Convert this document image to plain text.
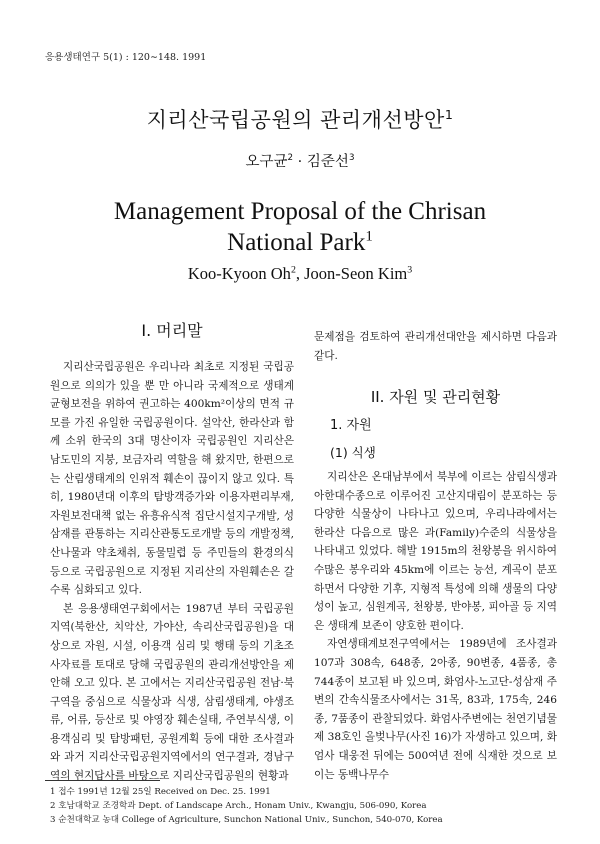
응용생태연구 5(1) : 120∼148. 1991
지리산국립공원의 관리개선방안$^1$
오구균$^2$ · 김준선$^3$
Management Proposal of the Chrisan
National Park$^1$
Koo-Kyoon Oh$^2$, Joon-Seon Kim$^3$
I. 머리말

지리산국립공원은 우리나라 최초로 지정된 국립공원으로 의의가 있을 뿐 만 아니라 국제적으로 생태계 균형보전을 위하여 권고하는 400km²이상의 면적 규모를 가진 유일한 국립공원이다. 설악산, 한라산과 함께 소위 한국의 3대 명산이자 국립공원인 지리산은 남도민의 지붕, 보금자리 역할을 해 왔지만, 한편으로는 산림생태계의 인위적 훼손이 끊이지 않고 있다. 특히, 1980년대 이후의 탐방객증가와 이용자편리부재, 자원보전대책 없는 유흥유식적 집단시설지구개발, 성삼재를 관통하는 지리산관통도로개발 등의 개발정책, 산나물과 약초채취, 동물밀렵 등 주민들의 환경의식 등으로 국립공원으로 지정된 지리산의 자원훼손은 갈수록 심화되고 있다.

본 응용생태연구회에서는 1987년 부터 국립공원지역(북한산, 치악산, 가야산, 속리산국립공원)을 대상으로 자원, 시설, 이용객 심리 및 행태 등의 기초조사자료를 토대로 당해 국립공원의 관리개선방안을 제안해 오고 있다. 본 고에서는 지리산국립공원 전남·북구역을 중심으로 식물상과 식생, 삼림생태계, 야생조류, 어류, 등산로 및 야영장 훼손실태, 주연부식생, 이용객심리 및 탐방패턴, 공원계획 등에 대한 조사결과와 과거 지리산국립공원지역에서의 연구결과, 경남구역의 현지답사를 바탕으로 지리산국립공원의 현황과

문제점을 검토하여 관리개선대안을 제시하면 다음과 같다.

II. 자원 및 관리현황
1. 자원
(1) 식생

지리산은 온대남부에서 북부에 이르는 삼림식생과 아한대수종으로 이루어진 고산지대림이 분포하는 등 다양한 식물상이 나타나고 있으며, 우리나라에서는 한라산 다음으로 많은 과(Family)수준의 식물상을 나타내고 있었다. 해발 1915m의 천왕봉을 위시하여 수많은 봉우리와 45km에 이르는 능선, 계곡이 분포하면서 다양한 기후, 지형적 특성에 의해 생물의 다양성이 높고, 심원계곡, 천왕봉, 반야봉, 피아골 등 지역은 생태계 보존이 양호한 편이다.

자연생태계보전구역에서는 1989년에 조사결과 107과 308속, 648종, 2아종, 90변종, 4품종, 총 744종이 보고된 바 있으며, 화엄사-노고단-성삼재 주변의 간속식물조사에서는 31목, 83과, 175속, 246종, 7품종이 관찰되었다. 화엄사주변에는 천연기념물 제 38호인 올벚나무(사진 16)가 자생하고 있으며, 화엄사 대웅전 뒤에는 500여년 전에 식재한 것으로 보이는 동백나무수

1 접수 1991년 12월 25일 Received on Dec. 25. 1991
2 호남대학교 조경학과 Dept. of Landscape Arch., Honam Univ., Kwangju, 506-090, Korea
3 순천대학교 농대 College of Agriculture, Sunchon National Univ., Sunchon, 540-070, Korea
